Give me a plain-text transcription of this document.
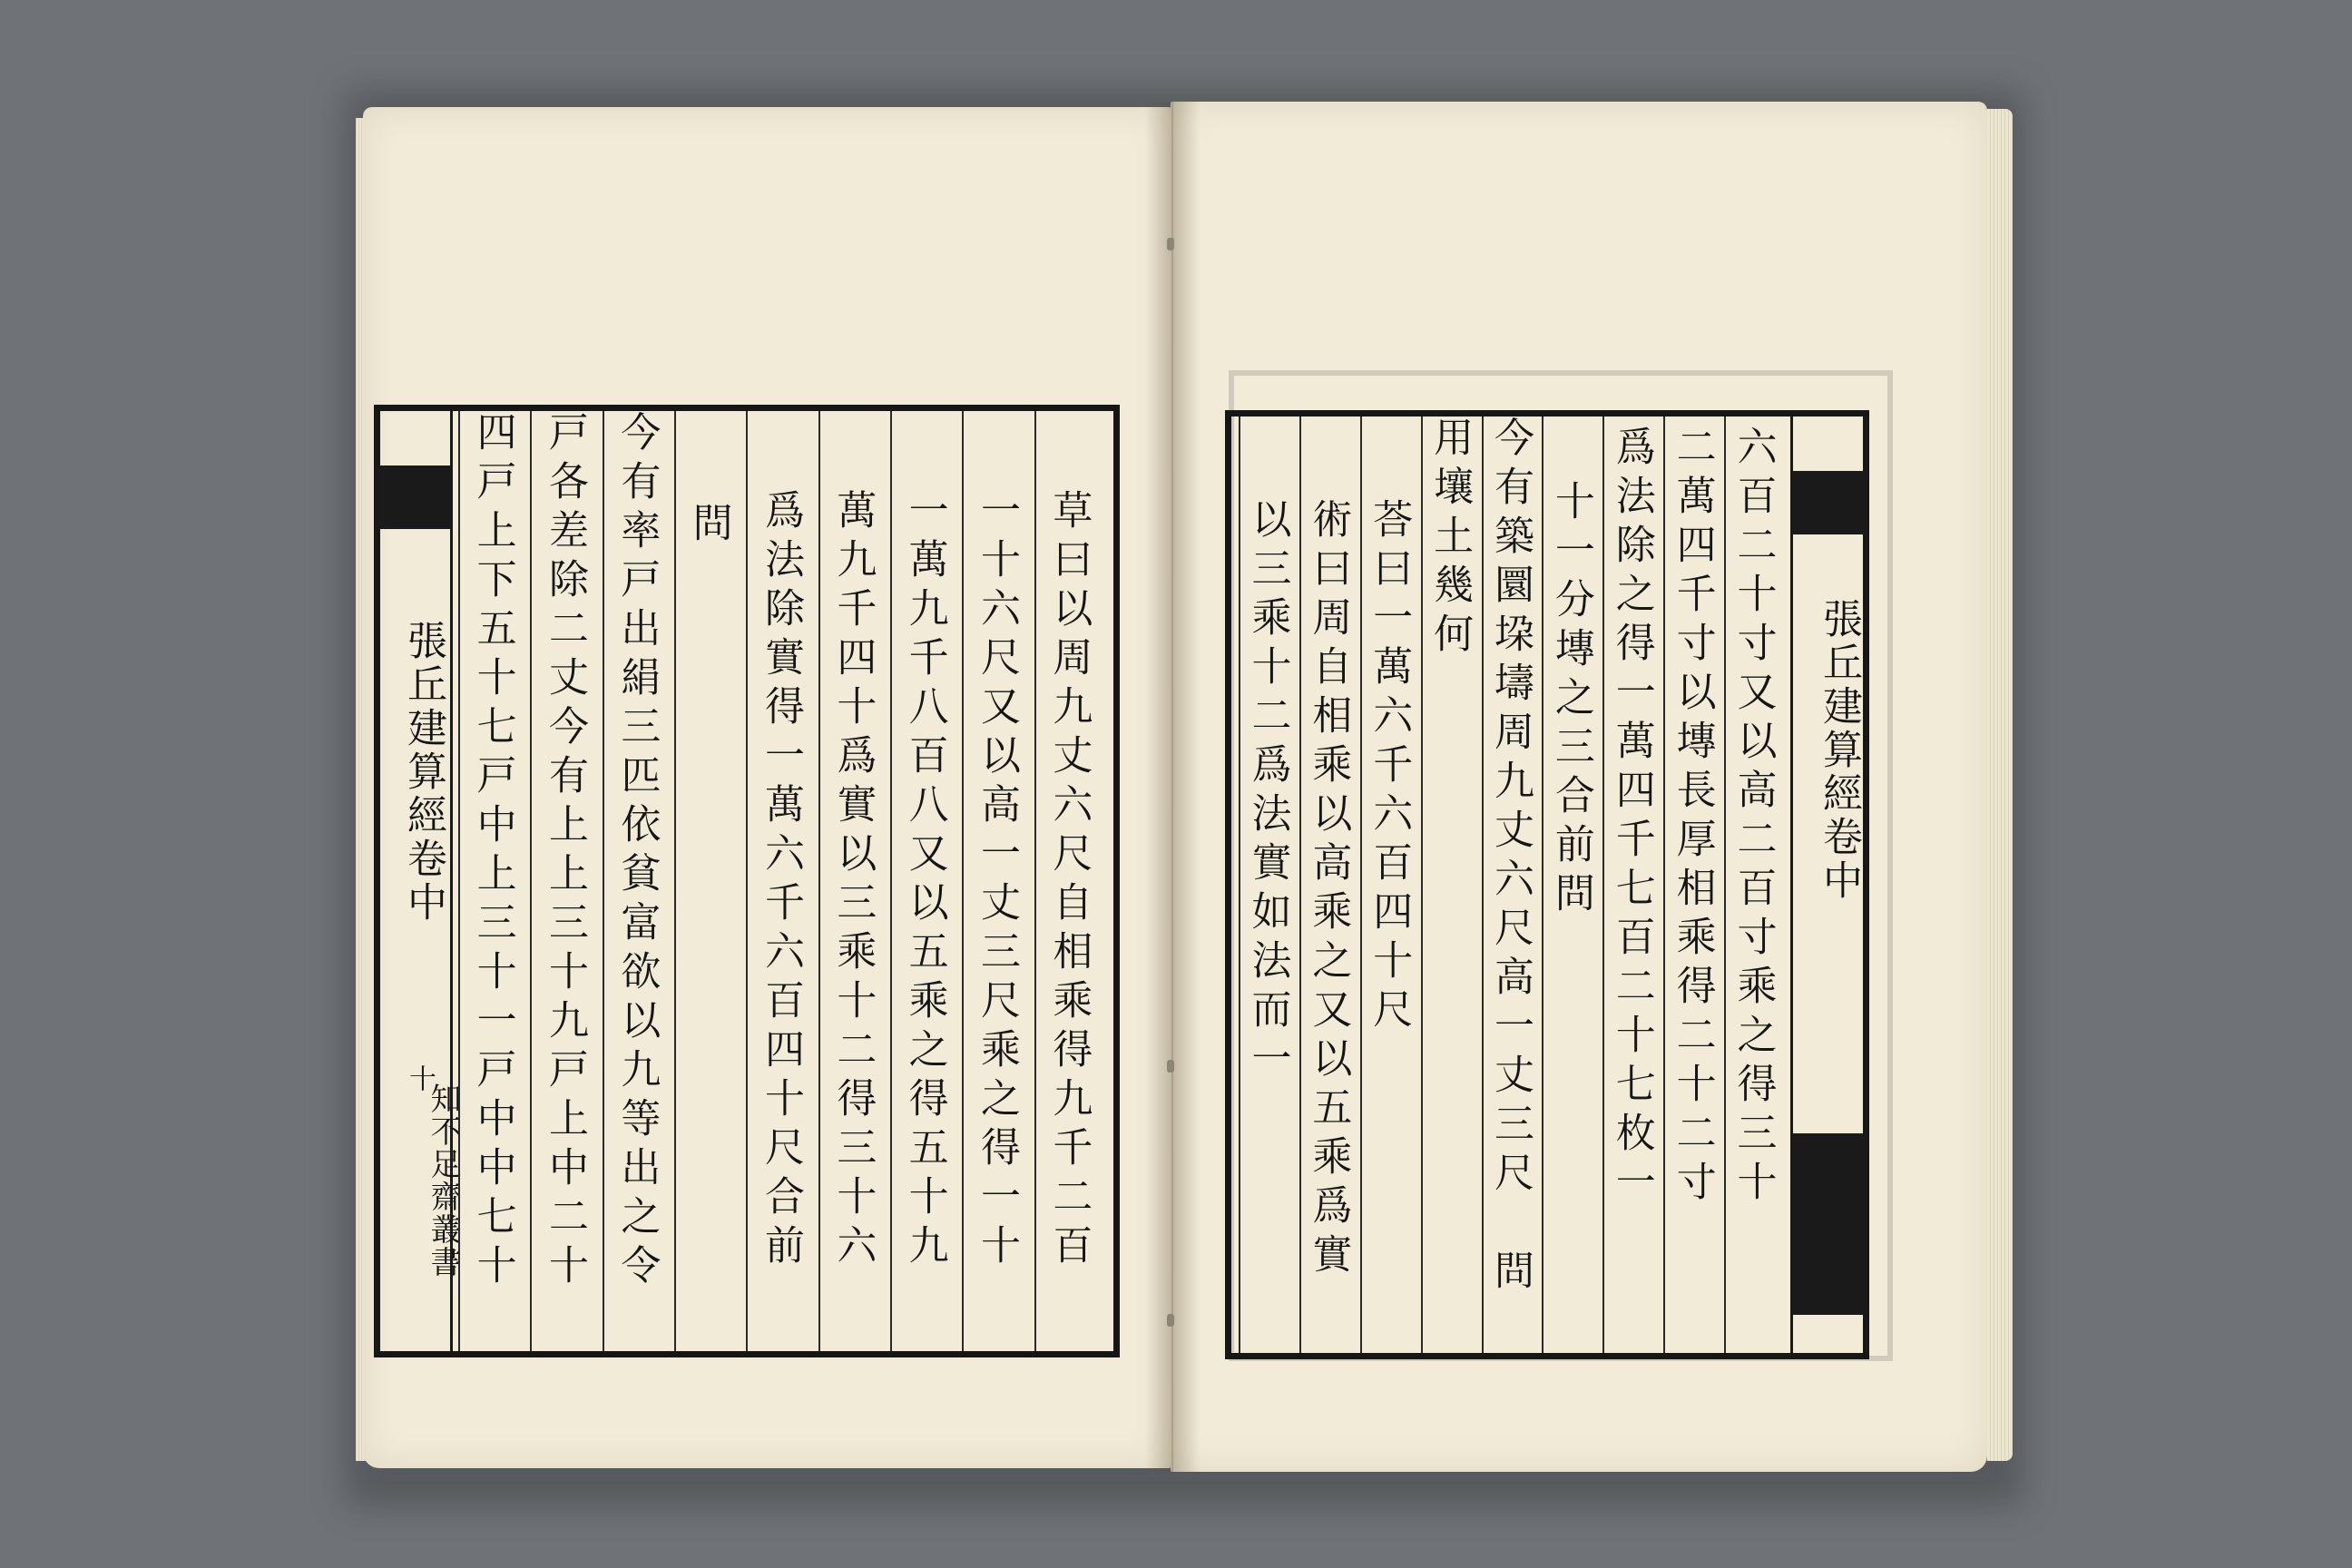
張丘建算經卷中
十
知不足齋叢書	草曰以周九丈六尺自相乘得九千二百
一十六尺又以高一丈三尺乘之得一十
一萬九千八百八又以五乘之得五十九
萬九千四十爲實以三乘十二得三十六
爲法除實得一萬六千六百四十尺合前
問
今有率戸出絹三匹依貧富欲以九等出之令
戸各差除二丈今有上上三十九戸上中二十
四戸上下五十七戸中上三十一戸中中七十	張丘建算經卷中
六百二十寸又以高二百寸乘之得三十
二萬四千寸以塼長厚相乘得二十二寸
爲法除之得一萬四千七百二十七枚一
十一分塼之三合前問
今有築圜垜壔周九丈六尺高一丈三尺　問
用壤土幾何
荅曰一萬六千六百四十尺
術曰周自相乘以高乘之又以五乘爲實
以三乘十二爲法實如法而一
